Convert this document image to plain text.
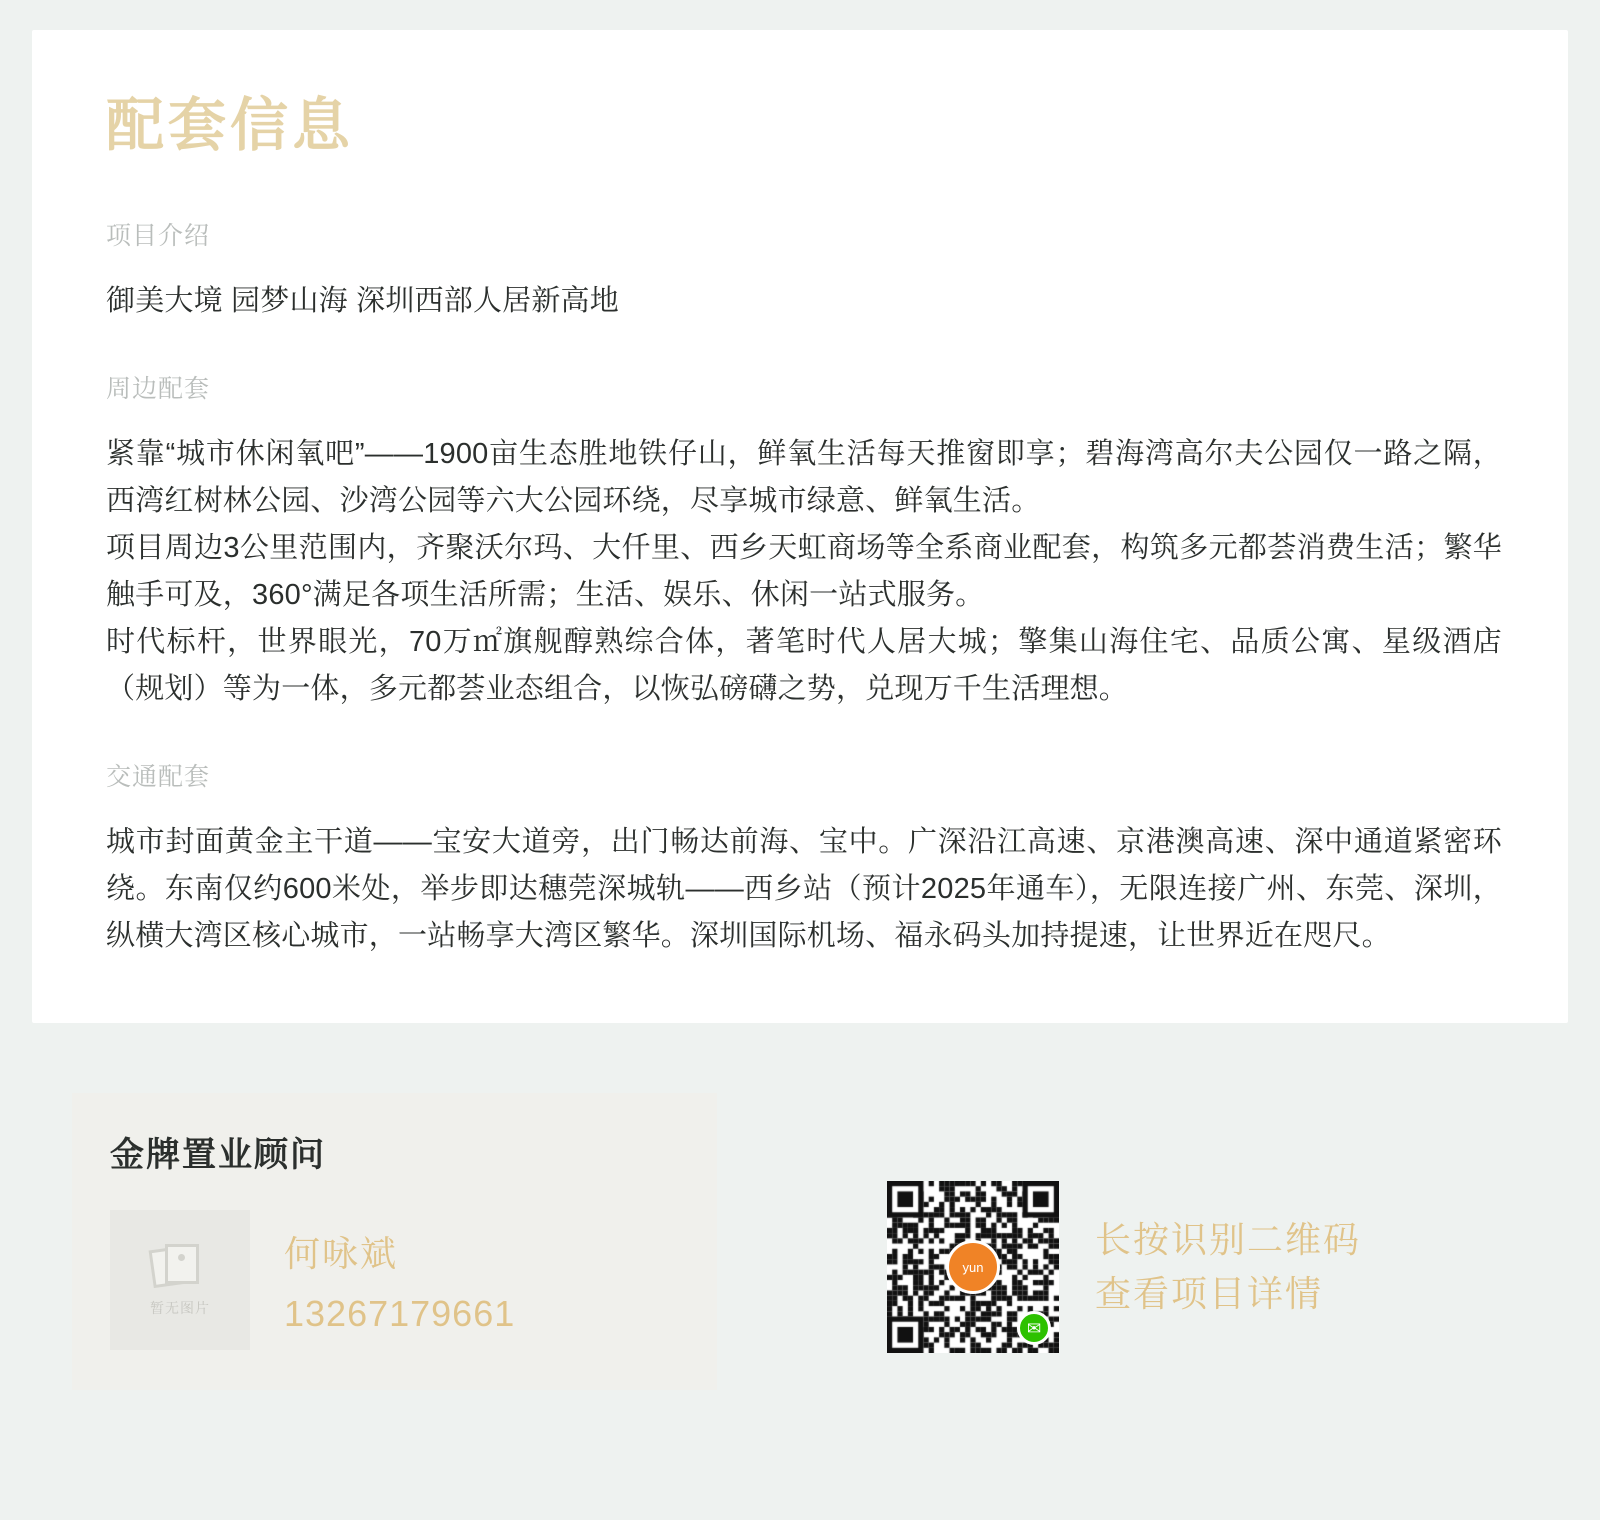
配套信息
项目介绍

御美大境 园梦山海 深圳西部人居新高地

周边配套

紧靠“城市休闲氧吧”——1900亩生态胜地铁仔山，鲜氧生活每天推窗即享；碧海湾高尔夫公园仅一路之隔，西湾红树林公园、沙湾公园等六大公园环绕，尽享城市绿意、鲜氧生活。

项目周边3公里范围内，齐聚沃尔玛、大仟里、西乡天虹商场等全系商业配套，构筑多元都荟消费生活；繁华触手可及，360°满足各项生活所需；生活、娱乐、休闲一站式服务。

时代标杆，世界眼光，70万㎡旗舰醇熟综合体，著笔时代人居大城；擎集山海住宅、品质公寓、星级酒店（规划）等为一体，多元都荟业态组合，以恢弘磅礴之势，兑现万千生活理想。

交通配套

城市封面黄金主干道——宝安大道旁，出门畅达前海、宝中。广深沿江高速、京港澳高速、深中通道紧密环绕。东南仅约600米处，举步即达穗莞深城轨——西乡站（预计2025年通车），无限连接广州、东莞、深圳，纵横大湾区核心城市，一站畅享大湾区繁华。深圳国际机场、福永码头加持提速，让世界近在咫尺。

金牌置业顾问
暂无图片
何咏斌
13267179661
yun
✉
长按识别二维码
查看项目详情
